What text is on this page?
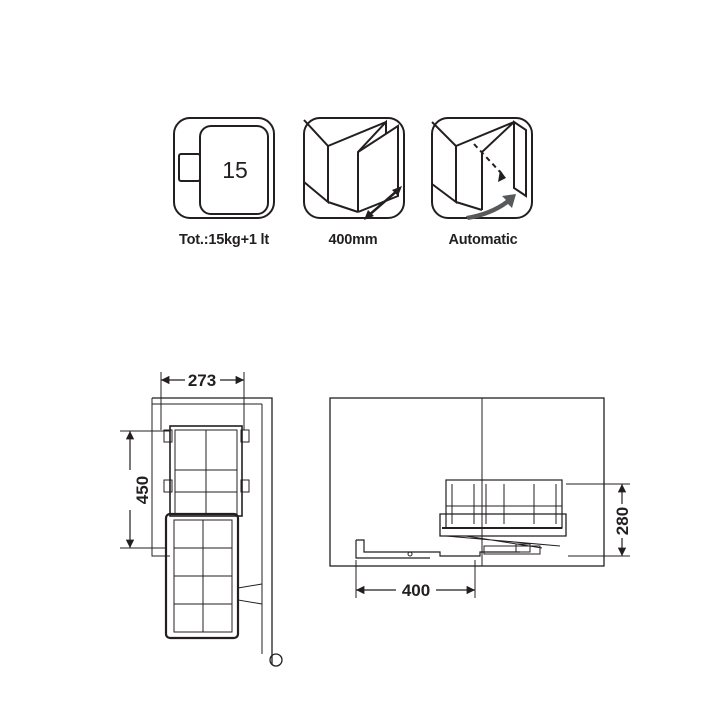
15
Tot.:15kg+1 lt	400mm	Automatic
273
450
400
280
